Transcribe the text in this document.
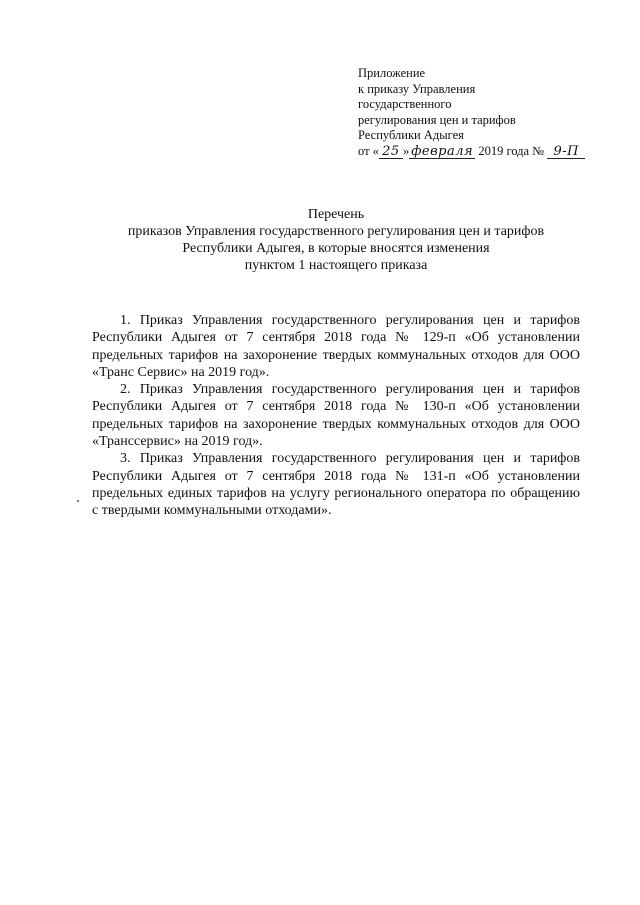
Приложение
к приказу Управления
государственного
регулирования цен и тарифов
Республики Адыгея
от « 25 » февраля 2019 года № 9-П
Перечень
приказов Управления государственного регулирования цен и тарифов
Республики Адыгея, в которые вносятся изменения
пунктом 1 настоящего приказа

1. Приказ Управления государственного регулирования цен и тарифов Республики Адыгея от 7 сентября 2018 года № 129-п «Об установлении предельных тарифов на захоронение твердых коммунальных отходов для ООО «Транс Сервис» на 2019 год».

2. Приказ Управления государственного регулирования цен и тарифов Республики Адыгея от 7 сентября 2018 года № 130-п «Об установлении предельных тарифов на захоронение твердых коммунальных отходов для ООО «Транссервис» на 2019 год».

3. Приказ Управления государственного регулирования цен и тарифов Республики Адыгея от 7 сентября 2018 года № 131-п «Об установлении предельных единых тарифов на услугу регионального оператора по обращению с твердыми коммунальными отходами».
